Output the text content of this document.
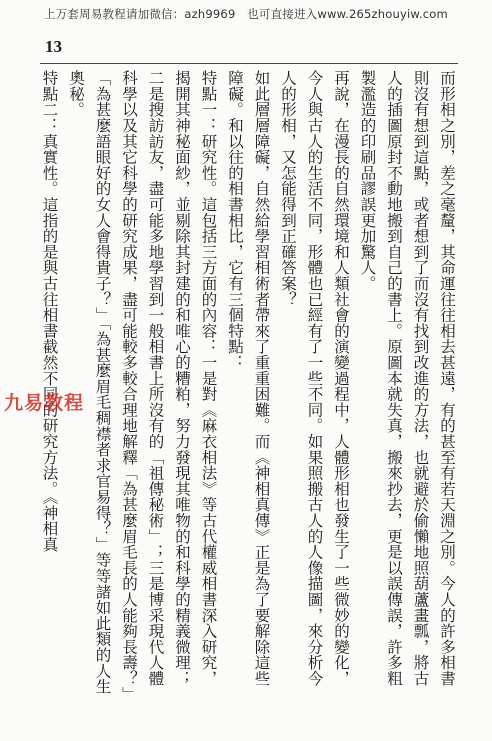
上万套周易教程请加微信：azh9969　也可直接进入www.265zhouyiw.com
13

而形相之別，差之毫釐，其命運往往相去甚遠，有的甚至有若天淵之別。今人的許多相書則沒有想到這點，或者想到了而沒有找到改進的方法，也就避於偷懶地照葫蘆畫瓢，將古人的插圖原封不動地搬到自己的書上。原圖本就失真，搬來抄去，更是以誤傳誤，許多粗製濫造的印刷品謬誤更加驚人。

再說，在漫長的自然環境和人類社會的演變過程中，人體形相也發生了一些微妙的變化，今人與古人的生活不同，形體也已經有了一些不同。如果照搬古人的人像描圖，來分析今人的形相，又怎能得到正確答案？

如此層層障礙，自然給學習相術者帶來了重重困難。而《神相真傳》正是為了要解除這些障礙。和以往的相書相比，它有三個特點：

特點一：研究性。這包括三方面的內容：一是對《麻衣相法》等古代權威相書深入研究，揭開其神秘面紗，並剔除其封建的和唯心的糟粕，努力發現其唯物的和科學的精義微理；二是搜訪訪友，盡可能多地學習到一般相書上所沒有的「祖傳秘術」；三是博采現代人體科學以及其它科學的研究成果，盡可能較多較合理地解釋「為甚麼眉毛長的人能夠長壽？」「為甚麼語眼好的女人會得貴子？」「為甚麼眉毛稠襟者求官易得？」等等諸如此類的人生奧秘。

特點二：真實性。這指的是與古往相書截然不同的研究方法。《神相真

九易教程
